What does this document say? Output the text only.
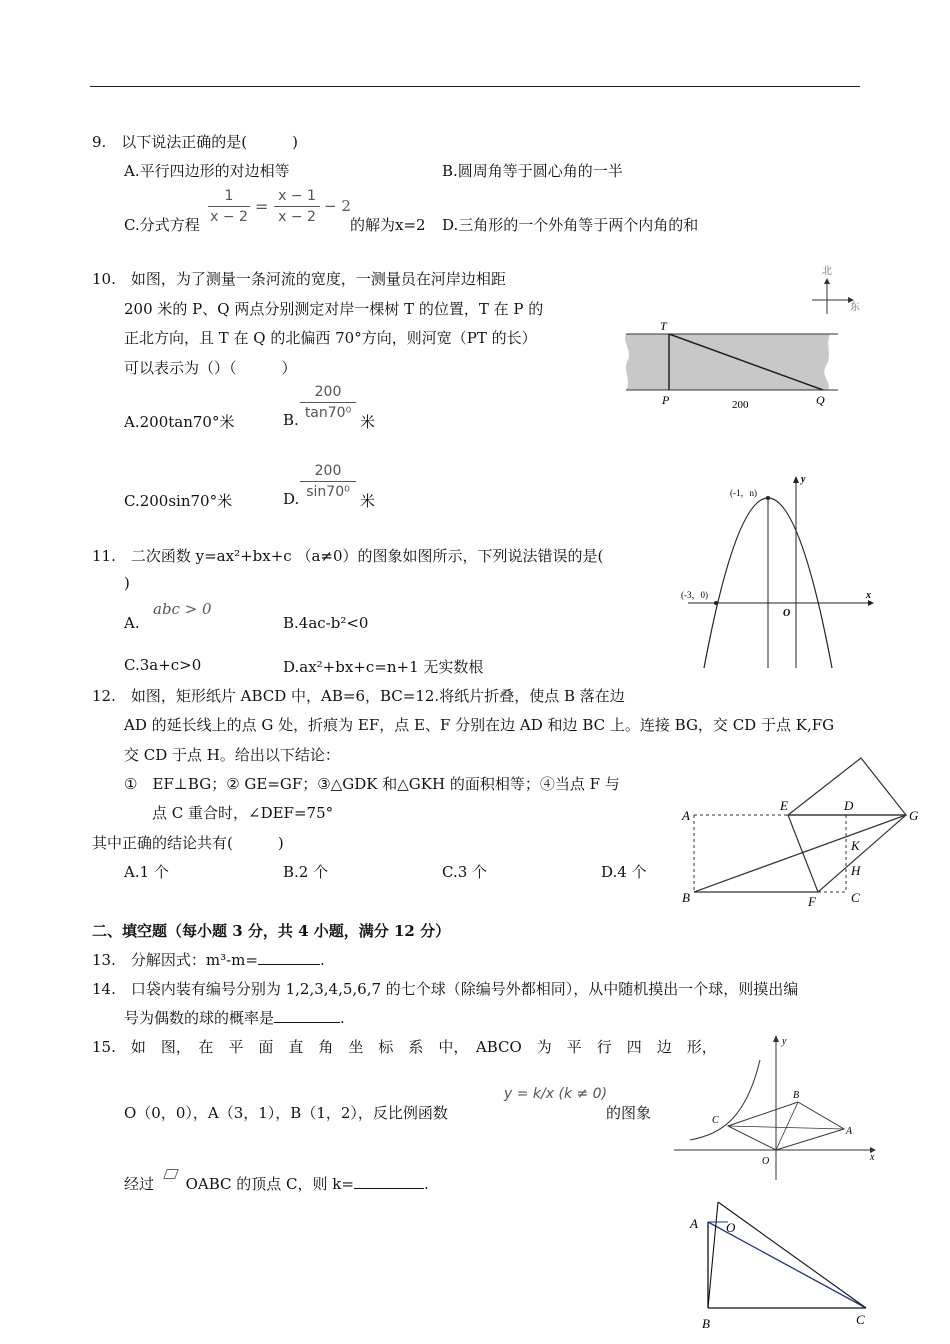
9.　以下说法正确的是(　　　)
A.平行四边形的对边相等	B.圆周角等于圆心角的一半
C.分式方程
1
x − 2
=
x − 1
x − 2
− 2
的解为x=2 D.三角形的一个外角等于两个内角的和
10.　如图，为了测量一条河流的宽度，一测量员在河岸边相距
200 米的 P、Q 两点分别测定对岸一棵树 T 的位置，T 在 P 的
正北方向，且 T 在 Q 的北偏西 70°方向，则河宽（PT 的长）
可以表示为（）（　　　）
A.200tan70°米	B.
200
tan70⁰ 米
C.200sin70°米	D.
200
sin70⁰ 米
北
东
T
P	Q
200
11.　二次函数 y=ax²+bx+c （a≠0）的图象如图所示，下列说法错误的是(
)
A.
abc > 0
B.4ac-b²<0
C.3a+c>0	D.ax²+bx+c=n+1 无实数根
(-1，n)
(-3，0)	x
y
O
12.　如图，矩形纸片 ABCD 中，AB=6，BC=12.将纸片折叠，使点 B 落在边
AD 的延长线上的点 G 处，折痕为 EF，点 E、F 分别在边 AD 和边 BC 上。连接 BG，交 CD 于点 K,FG
交 CD 于点 H。给出以下结论：
①　EF⊥BG；② GE=GF；③△GDK 和△GKH 的面积相等；④当点 F 与
点 C 重合时，∠DEF=75°
其中正确的结论共有(　　　)
A.1 个	B.2 个	C.3 个	D.4 个
A
B	C
D
E
F
G
H
K
二、填空题（每小题 3 分，共 4 小题，满分 12 分）
13.　分解因式：m³-m=	.
14.　口袋内装有编号分别为 1,2,3,4,5,6,7 的七个球（除编号外都相同），从中随机摸出一个球，则摸出编
号为偶数的球的概率是	.
15.　如　图，　在　平　面　直　角　坐　标　系　中，　ABCO　为　平　行　四　边　形，
O（0，0），A（3，1），B（1，2），反比例函数
y = k/x (k ≠ 0)
的图象
经过 OABC 的顶点 C，则 k=	.
C
B
A
O	x
y
A O
B	C
